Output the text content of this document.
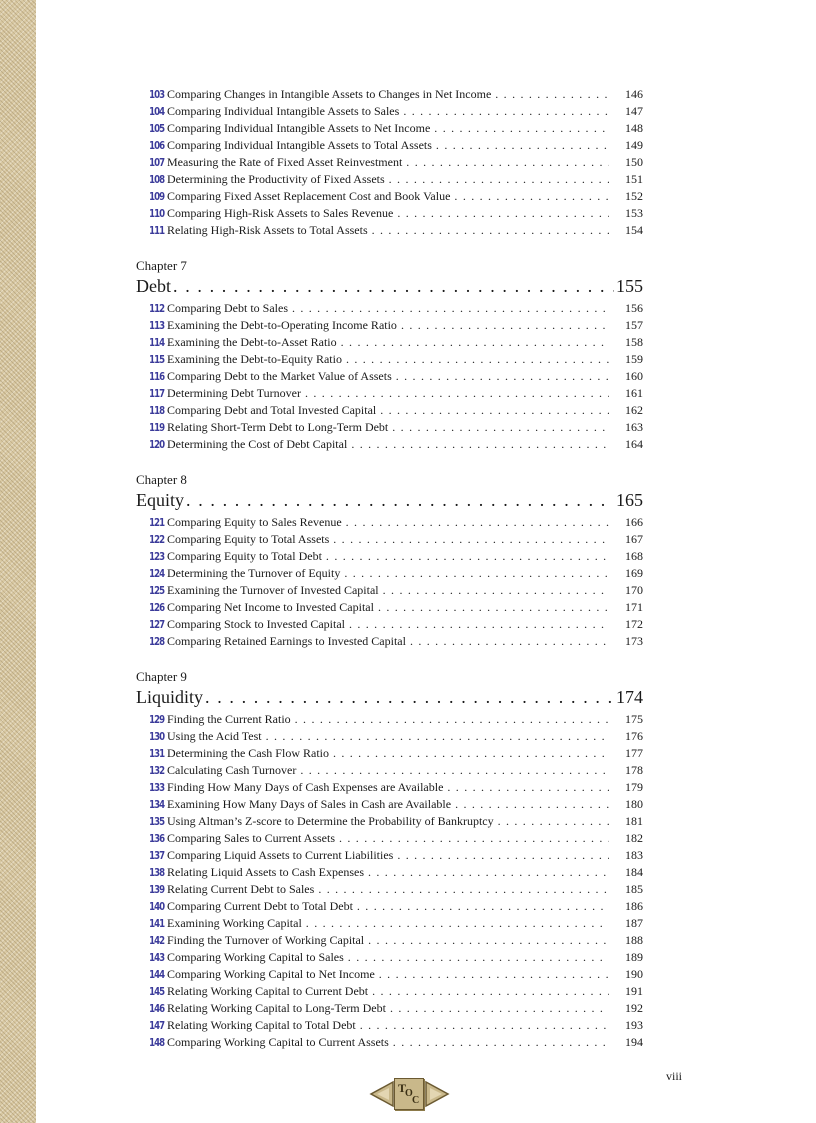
103 Comparing Changes in Intangible Assets to Changes in Net Income . . .	146
104 Comparing Individual Intangible Assets to Sales . . .	147
105 Comparing Individual Intangible Assets to Net Income . . .	148
106 Comparing Individual Intangible Assets to Total Assets . . .	149
107 Measuring the Rate of Fixed Asset Reinvestment . . .	150
108 Determining the Productivity of Fixed Assets . . .	151
109 Comparing Fixed Asset Replacement Cost and Book Value . . .	152
110 Comparing High-Risk Assets to Sales Revenue . . .	153
111 Relating High-Risk Assets to Total Assets . . .	154
Chapter 7
Debt . . .	155
112 Comparing Debt to Sales . . .	156
113 Examining the Debt-to-Operating Income Ratio . . .	157
114 Examining the Debt-to-Asset Ratio . . .	158
115 Examining the Debt-to-Equity Ratio . . .	159
116 Comparing Debt to the Market Value of Assets . . .	160
117 Determining Debt Turnover . . .	161
118 Comparing Debt and Total Invested Capital . . .	162
119 Relating Short-Term Debt to Long-Term Debt . . .	163
120 Determining the Cost of Debt Capital . . .	164
Chapter 8
Equity . . .	165
121 Comparing Equity to Sales Revenue . . .	166
122 Comparing Equity to Total Assets . . .	167
123 Comparing Equity to Total Debt . . .	168
124 Determining the Turnover of Equity . . .	169
125 Examining the Turnover of Invested Capital . . .	170
126 Comparing Net Income to Invested Capital . . .	171
127 Comparing Stock to Invested Capital . . .	172
128 Comparing Retained Earnings to Invested Capital . . .	173
Chapter 9
Liquidity . . .	174
129 Finding the Current Ratio . . .	175
130 Using the Acid Test . . .	176
131 Determining the Cash Flow Ratio . . .	177
132 Calculating Cash Turnover . . .	178
133 Finding How Many Days of Cash Expenses are Available . . .	179
134 Examining How Many Days of Sales in Cash are Available . . .	180
135 Using Altman’s Z-score to Determine the Probability of Bankruptcy . . .	181
136 Comparing Sales to Current Assets . . .	182
137 Comparing Liquid Assets to Current Liabilities . . .	183
138 Relating Liquid Assets to Cash Expenses . . .	184
139 Relating Current Debt to Sales . . .	185
140 Comparing Current Debt to Total Debt . . .	186
141 Examining Working Capital . . .	187
142 Finding the Turnover of Working Capital . . .	188
143 Comparing Working Capital to Sales . . .	189
144 Comparing Working Capital to Net Income . . .	190
145 Relating Working Capital to Current Debt . . .	191
146 Relating Working Capital to Long-Term Debt . . .	192
147 Relating Working Capital to Total Debt . . .	193
148 Comparing Working Capital to Current Assets . . .	194
viii
T
O
C
